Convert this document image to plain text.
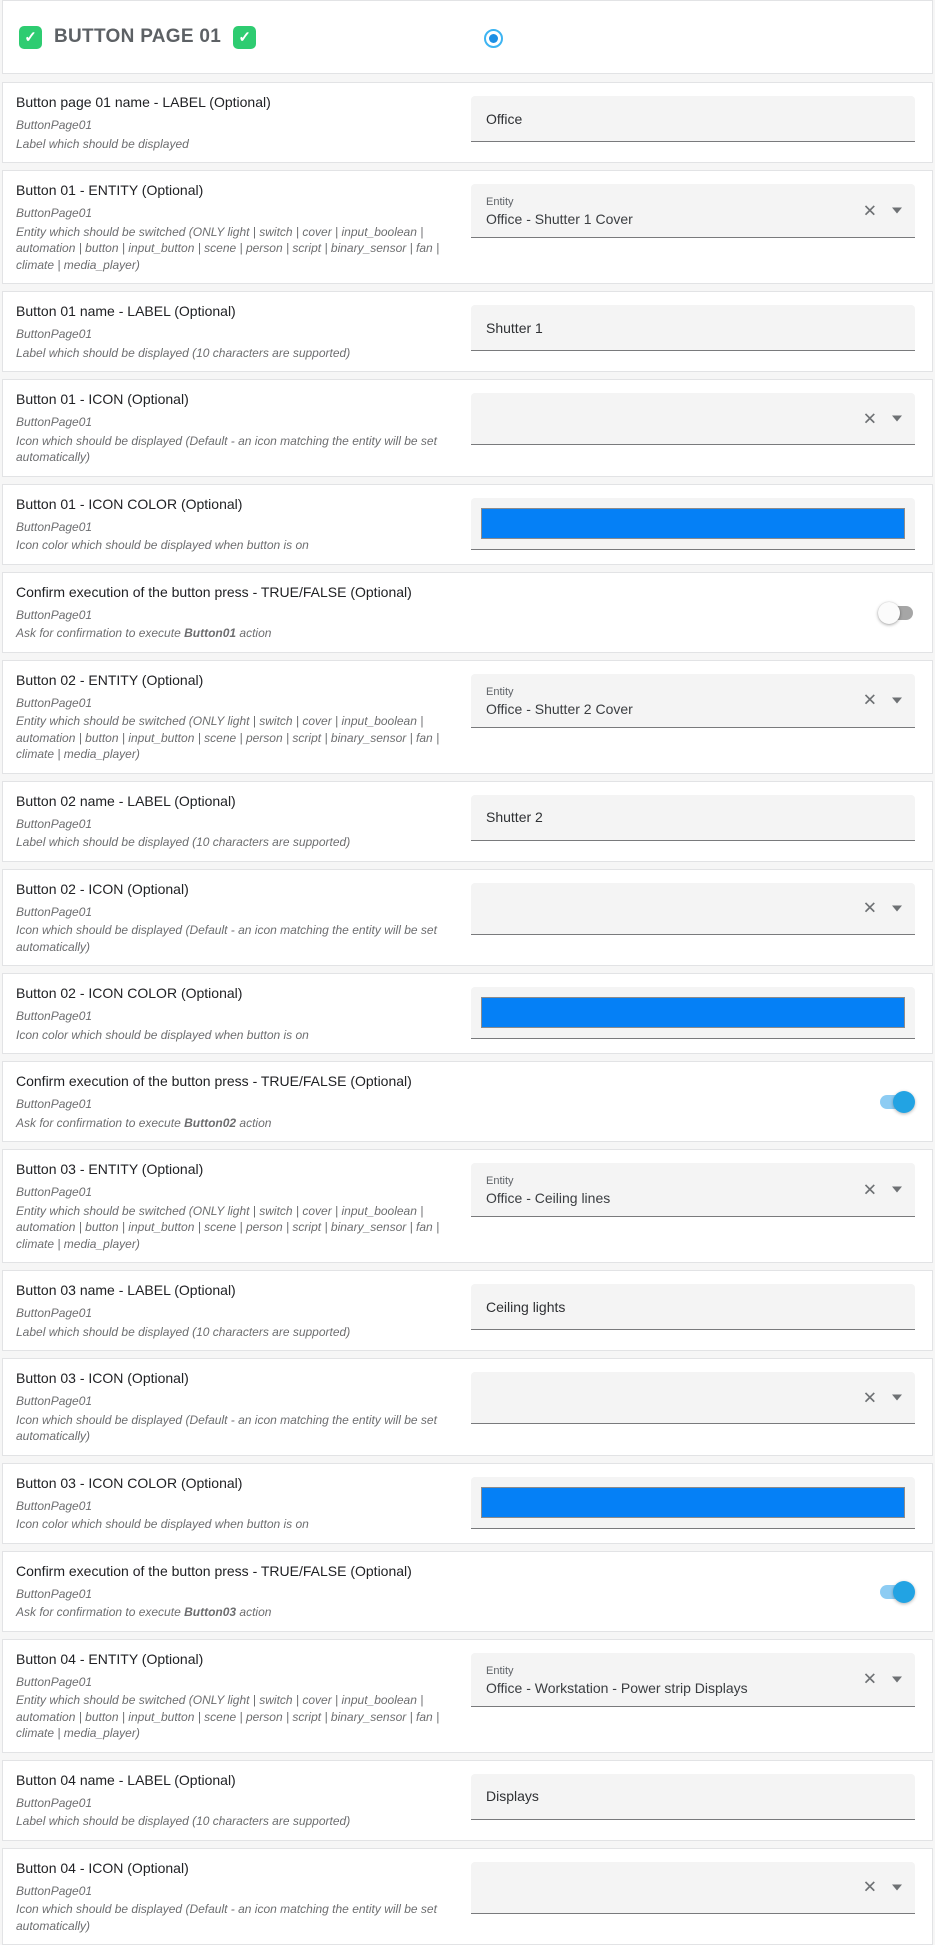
✓ BUTTON PAGE 01	✓
Button page 01 name - LABEL (Optional)
ButtonPage01
Label which should be displayed
Office
Button 01 - ENTITY (Optional)
ButtonPage01
Entity which should be switched (ONLY light | switch | cover | input_boolean | automation | button | input_button | scene | person | script | binary_sensor | fan | climate | media_player)
Entity
Office - Shutter 1 Cover	✕
Button 01 name - LABEL (Optional)
ButtonPage01
Label which should be displayed (10 characters are supported)
Shutter 1
Button 01 - ICON (Optional)
ButtonPage01
Icon which should be displayed (Default - an icon matching the entity will be set automatically)
✕
Button 01 - ICON COLOR (Optional)
ButtonPage01
Icon color which should be displayed when button is on
Confirm execution of the button press - TRUE/FALSE (Optional)
ButtonPage01
Ask for confirmation to execute Button01 action
Button 02 - ENTITY (Optional)
ButtonPage01
Entity which should be switched (ONLY light | switch | cover | input_boolean | automation | button | input_button | scene | person | script | binary_sensor | fan | climate | media_player)
Entity
Office - Shutter 2 Cover	✕
Button 02 name - LABEL (Optional)
ButtonPage01
Label which should be displayed (10 characters are supported)
Shutter 2
Button 02 - ICON (Optional)
ButtonPage01
Icon which should be displayed (Default - an icon matching the entity will be set automatically)
✕
Button 02 - ICON COLOR (Optional)
ButtonPage01
Icon color which should be displayed when button is on
Confirm execution of the button press - TRUE/FALSE (Optional)
ButtonPage01
Ask for confirmation to execute Button02 action
Button 03 - ENTITY (Optional)
ButtonPage01
Entity which should be switched (ONLY light | switch | cover | input_boolean | automation | button | input_button | scene | person | script | binary_sensor | fan | climate | media_player)
Entity
Office - Ceiling lines	✕
Button 03 name - LABEL (Optional)
ButtonPage01
Label which should be displayed (10 characters are supported)
Ceiling lights
Button 03 - ICON (Optional)
ButtonPage01
Icon which should be displayed (Default - an icon matching the entity will be set automatically)
✕
Button 03 - ICON COLOR (Optional)
ButtonPage01
Icon color which should be displayed when button is on
Confirm execution of the button press - TRUE/FALSE (Optional)
ButtonPage01
Ask for confirmation to execute Button03 action
Button 04 - ENTITY (Optional)
ButtonPage01
Entity which should be switched (ONLY light | switch | cover | input_boolean | automation | button | input_button | scene | person | script | binary_sensor | fan | climate | media_player)
Entity
Office - Workstation - Power strip Displays	✕
Button 04 name - LABEL (Optional)
ButtonPage01
Label which should be displayed (10 characters are supported)
Displays
Button 04 - ICON (Optional)
ButtonPage01
Icon which should be displayed (Default - an icon matching the entity will be set automatically)
✕
